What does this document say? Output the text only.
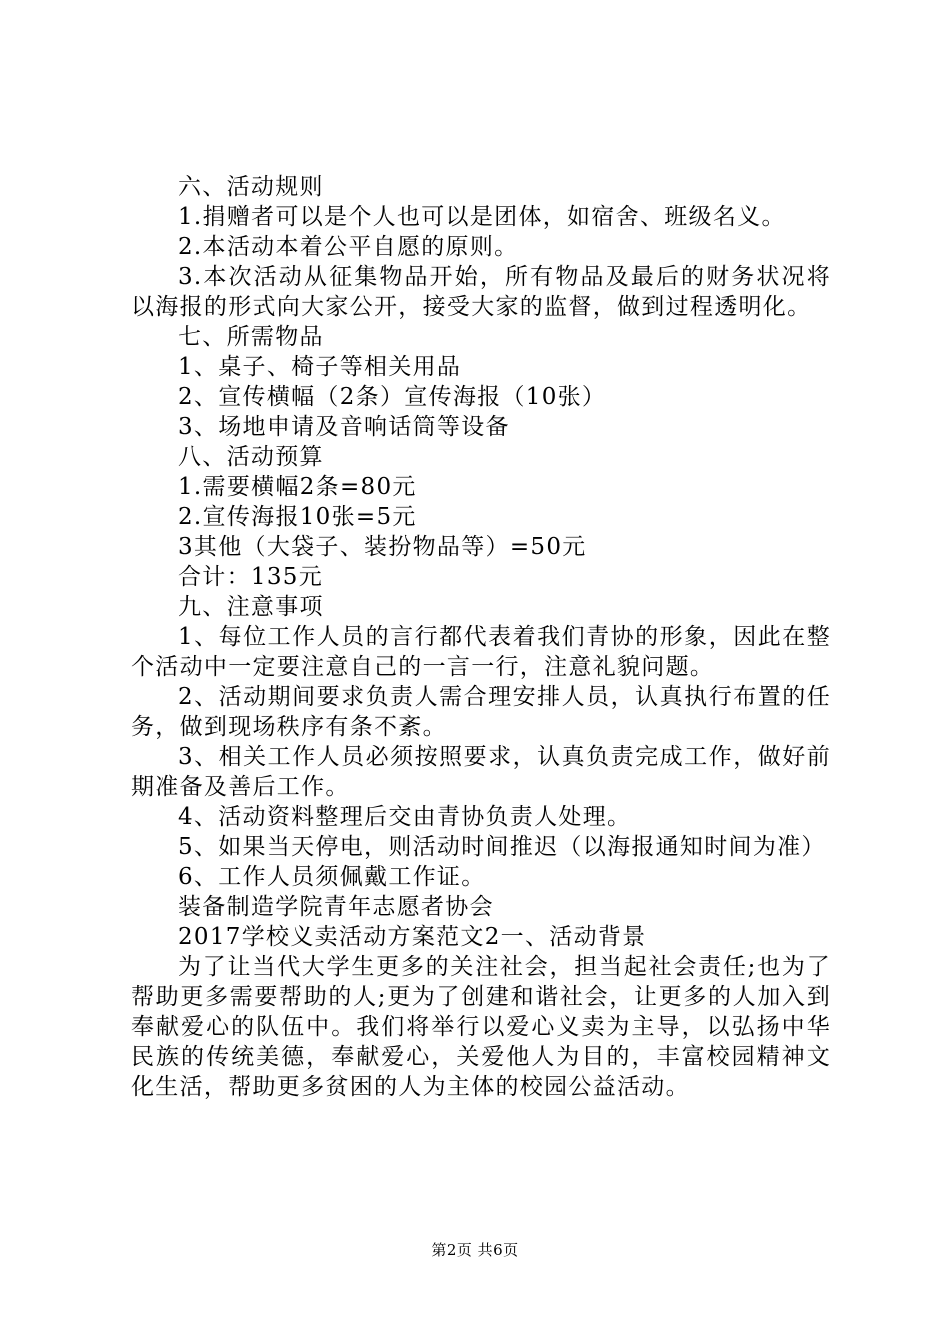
六、活动规则

1.捐赠者可以是个人也可以是团体，如宿舍、班级名义。

2.本活动本着公平自愿的原则。

3.本次活动从征集物品开始，所有物品及最后的财务状况将以海报的形式向大家公开，接受大家的监督，做到过程透明化。

七、所需物品

1、桌子、椅子等相关用品

2、宣传横幅（2条）宣传海报（10张）

3、场地申请及音响话筒等设备

八、活动预算

1.需要横幅2条=80元

2.宣传海报10张=5元

3其他（大袋子、装扮物品等）=50元

合计：135元

九、注意事项

1、每位工作人员的言行都代表着我们青协的形象，因此在整个活动中一定要注意自己的一言一行，注意礼貌问题。

2、活动期间要求负责人需合理安排人员，认真执行布置的任务，做到现场秩序有条不紊。

3、相关工作人员必须按照要求，认真负责完成工作，做好前期准备及善后工作。

4、活动资料整理后交由青协负责人处理。

5、如果当天停电，则活动时间推迟（以海报通知时间为准）

6、工作人员须佩戴工作证。

装备制造学院青年志愿者协会

2017学校义卖活动方案范文2一、活动背景

为了让当代大学生更多的关注社会，担当起社会责任;也为了帮助更多需要帮助的人;更为了创建和谐社会，让更多的人加入到奉献爱心的队伍中。我们将举行以爱心义卖为主导，以弘扬中华民族的传统美德，奉献爱心，关爱他人为目的，丰富校园精神文化生活，帮助更多贫困的人为主体的校园公益活动。

第2页 共6页
